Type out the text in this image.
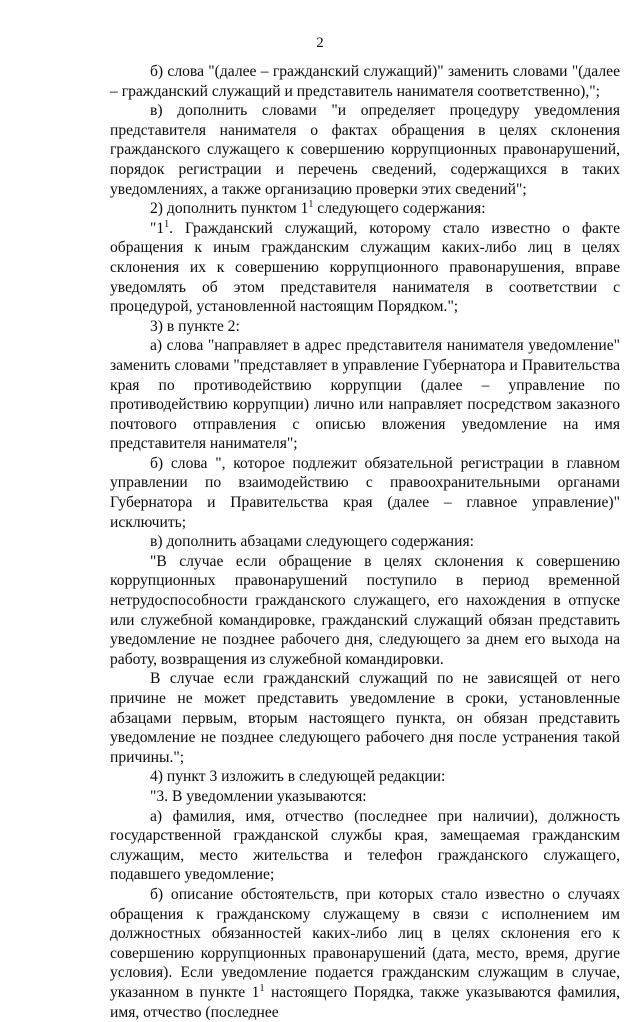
2

б) слова "(далее – гражданский служащий)" заменить словами "(далее – гражданский служащий и представитель нанимателя соответственно),";

в) дополнить словами "и определяет процедуру уведомления представителя нанимателя о фактах обращения в целях склонения гражданского служащего к совершению коррупционных правонарушений, порядок регистрации и перечень сведений, содержащихся в таких уведомлениях, а также организацию проверки этих сведений";

2) дополнить пунктом $1^1$ следующего содержания:

"$1^1$. Гражданский служащий, которому стало известно о факте обращения к иным гражданским служащим каких-либо лиц в целях склонения их к совершению коррупционного правонарушения, вправе уведомлять об этом представителя нанимателя в соответствии с процедурой, установленной настоящим Порядком.";

3) в пункте 2:

а) слова "направляет в адрес представителя нанимателя уведомление" заменить словами "представляет в управление Губернатора и Правительства края по противодействию коррупции (далее – управление по противодействию коррупции) лично или направляет посредством заказного почтового отправления с описью вложения уведомление на имя представителя нанимателя";

б) слова ", которое подлежит обязательной регистрации в главном управлении по взаимодействию с правоохранительными органами Губернатора и Правительства края (далее – главное управление)" исключить;

в) дополнить абзацами следующего содержания:

"В случае если обращение в целях склонения к совершению коррупционных правонарушений поступило в период временной нетрудоспособности гражданского служащего, его нахождения в отпуске или служебной командировке, гражданский служащий обязан представить уведомление не позднее рабочего дня, следующего за днем его выхода на работу, возвращения из служебной командировки.

В случае если гражданский служащий по не зависящей от него причине не может представить уведомление в сроки, установленные абзацами первым, вторым настоящего пункта, он обязан представить уведомление не позднее следующего рабочего дня после устранения такой причины.";

4) пункт 3 изложить в следующей редакции:

"3. В уведомлении указываются:

а) фамилия, имя, отчество (последнее при наличии), должность государственной гражданской службы края, замещаемая гражданским служащим, место жительства и телефон гражданского служащего, подавшего уведомление;

б) описание обстоятельств, при которых стало известно о случаях обращения к гражданскому служащему в связи с исполнением им должностных обязанностей каких-либо лиц в целях склонения его к совершению коррупционных правонарушений (дата, место, время, другие условия). Если уведомление подается гражданским служащим в случае, указанном в пункте $1^1$ настоящего Порядка, также указываются фамилия, имя, отчество (последнее
